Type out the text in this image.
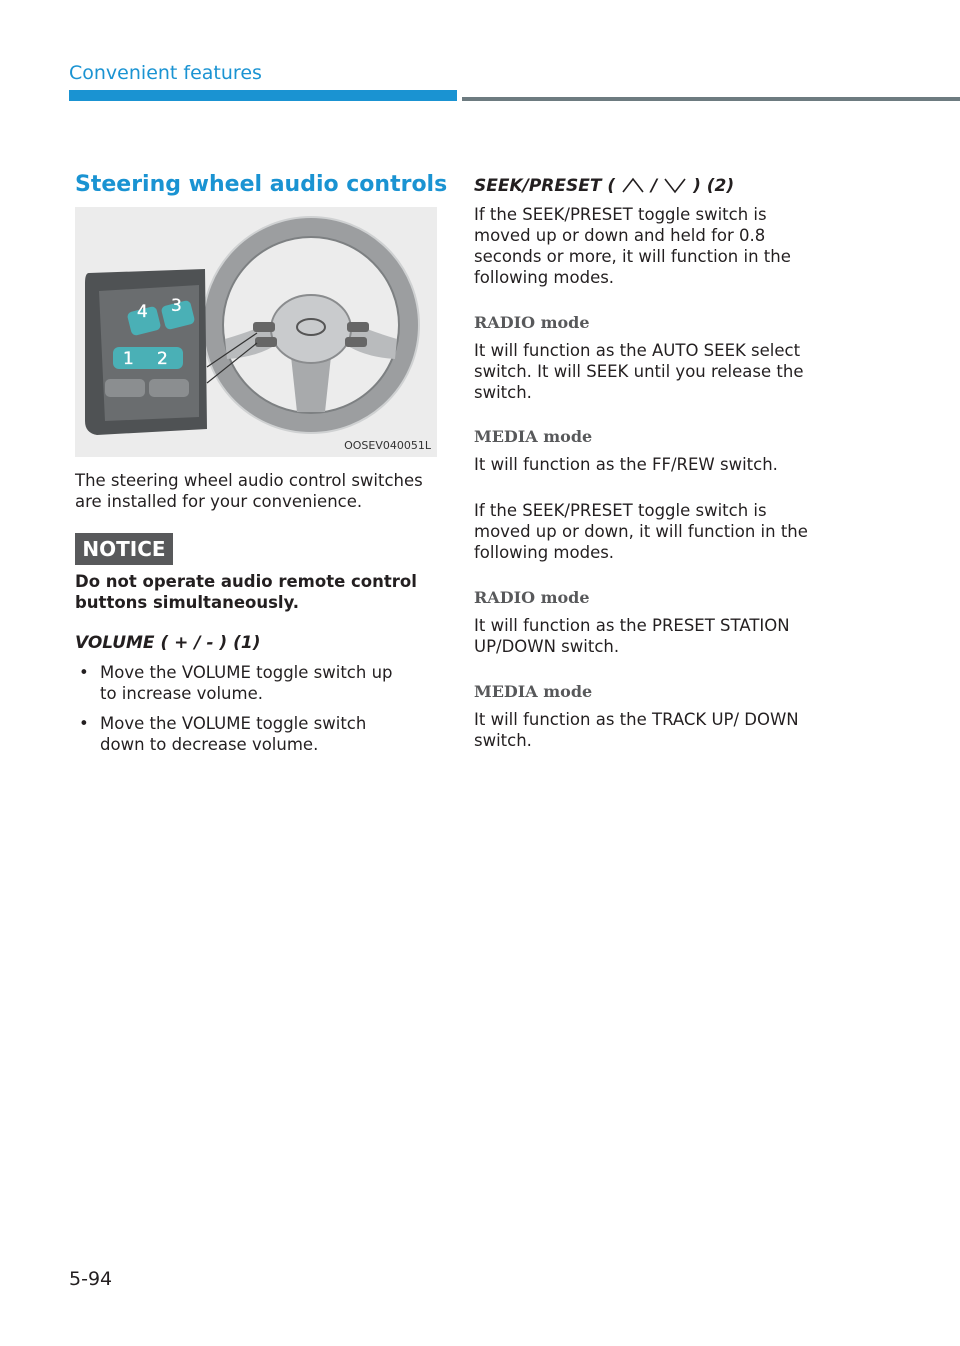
Convenient features
Steering wheel audio controls
1 2
3
4
OOSEV040051L

The steering wheel audio control switches
are installed for your convenience.

NOTICE

Do not operate audio remote control
buttons simultaneously.

VOLUME ( + / - ) (1)
• Move the VOLUME toggle switch up
to increase volume.
• Move the VOLUME toggle switch
down to decrease volume.
SEEK/PRESET ( / ) (2)

If the SEEK/PRESET toggle switch is
moved up or down and held for 0.8
seconds or more, it will function in the
following modes.

RADIO mode

It will function as the AUTO SEEK select
switch. It will SEEK until you release the
switch.

MEDIA mode

It will function as the FF/REW switch.

If the SEEK/PRESET toggle switch is
moved up or down, it will function in the
following modes.

RADIO mode

It will function as the PRESET STATION
UP/DOWN switch.

MEDIA mode

It will function as the TRACK UP/ DOWN
switch.

5-94
